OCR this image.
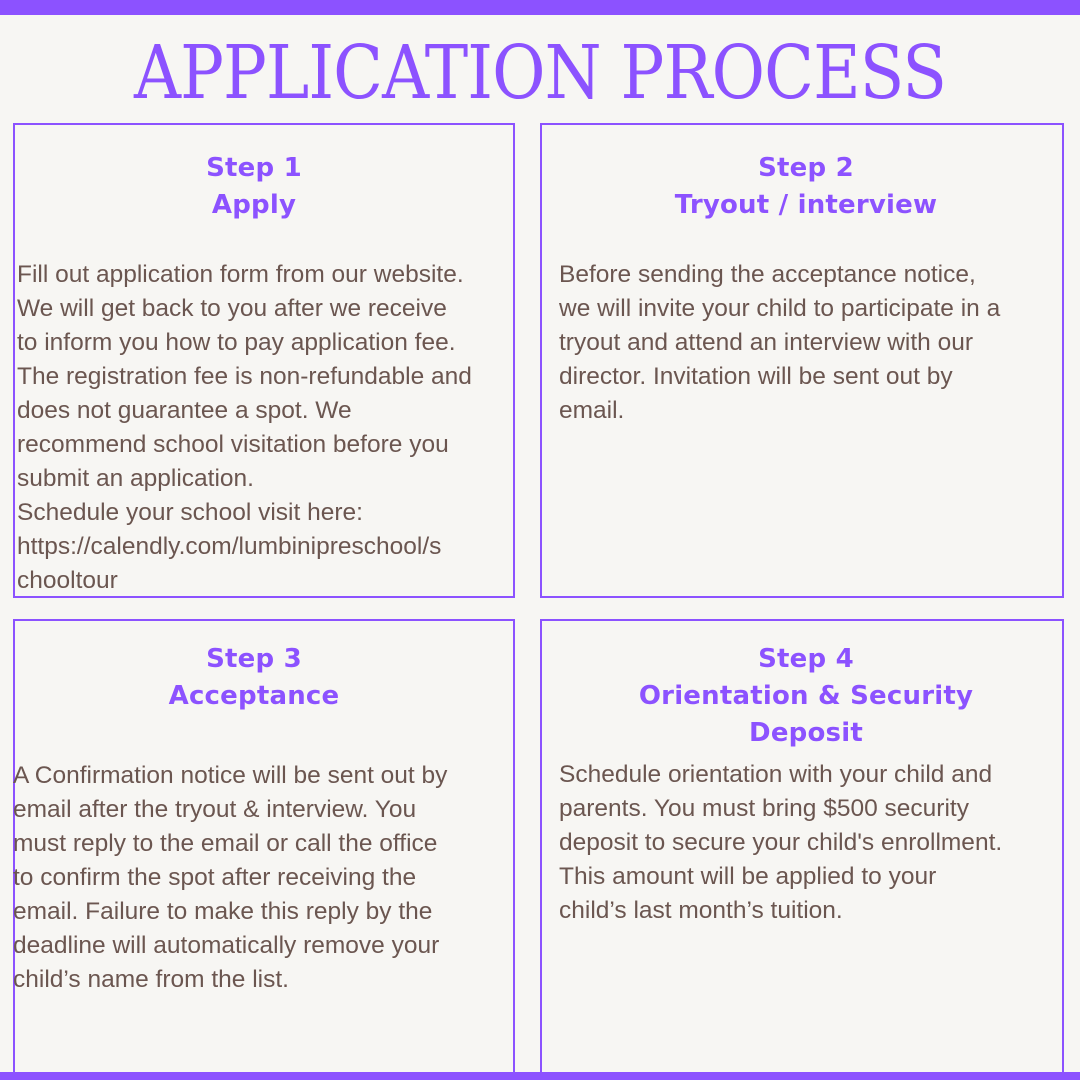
APPLICATION PROCESS
Step 1
Apply

Fill out application form from our website.
We will get back to you after we receive
to inform you how to pay application fee.
The registration fee is non-refundable and
does not guarantee a spot. We
recommend school visitation before you
submit an application.
Schedule your school visit here:
https://calendly.com/lumbinipreschool/s
chooltour

Step 2
Tryout / interview

Before sending the acceptance notice,
we will invite your child to participate in a
tryout and attend an interview with our
director. Invitation will be sent out by
email.

Step 3
Acceptance

A Confirmation notice will be sent out by
email after the tryout & interview. You
must reply to the email or call the office
to confirm the spot after receiving the
email. Failure to make this reply by the
deadline will automatically remove your
child’s name from the list.

Step 4
Orientation & Security
Deposit

Schedule orientation with your child and
parents. You must bring $500 security
deposit to secure your child's enrollment.
This amount will be applied to your
child’s last month’s tuition.
